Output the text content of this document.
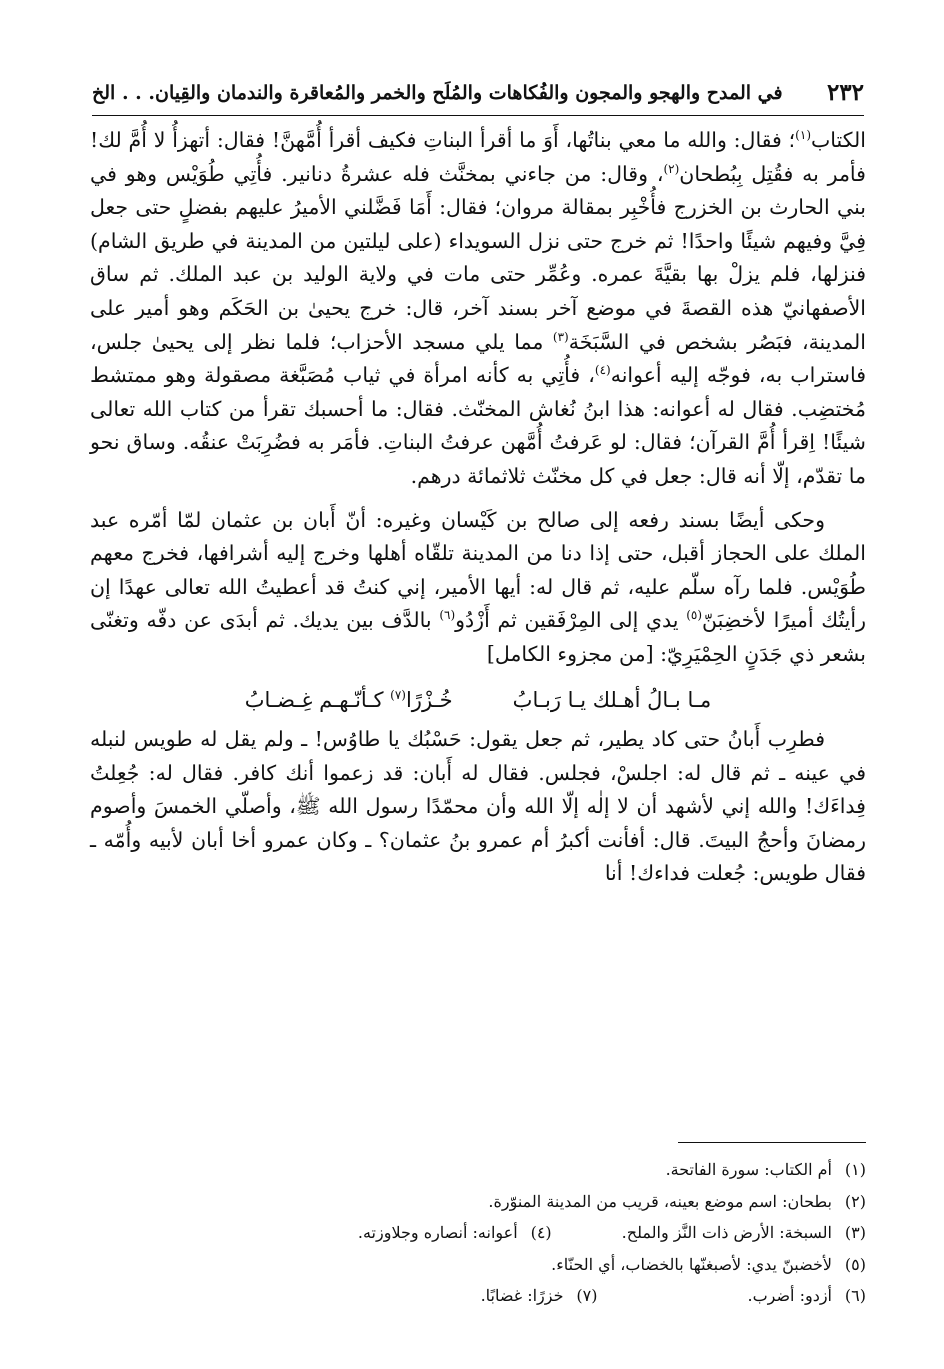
٢٣٢
في المدح والهجو والمجون والفُكاهات والمُلَح والخمر والمُعاقرة والندمان والقِيان. . . الخ

الكتاب$^{(١)}$؛ فقال: والله ما معي بناتُها، أَوَ ما أقرأ البناتِ فكيف أقرأ أُمَّهنَّ! فقال: أتهزأُ لا أُمَّ لك! فأمر به فقُتِل بِبُطحان$^{(٢)}$، وقال: من جاءني بمخنَّث فله عشرةُ دنانير. فأُتِي طُوَيْس وهو في بني الحارث بن الخزرج فأُخْبِر بمقالة مروان؛ فقال: أَمَا فَضَّلني الأميرُ عليهم بفضلٍ حتى جعل فِيَّ وفيهم شيئًا واحدًا! ثم خرج حتى نزل السويداء (على ليلتين من المدينة في طريق الشام) فنزلها، فلم يزلْ بها بقيَّةَ عمره. وعُمِّر حتى مات في ولاية الوليد بن عبد الملك. ثم ساق الأصفهانيّ هذه القصةَ في موضع آخر بسند آخر، قال: خرج يحيىٰ بن الحَكَم وهو أمير على المدينة، فبَصُر بشخص في السَّبَخَة$^{(٣)}$ مما يلي مسجد الأحزاب؛ فلما نظر إلى يحيىٰ جلس، فاستراب به، فوجّه إليه أعوانه$^{(٤)}$، فأُتِي به كأنه امرأة في ثياب مُصَبَّغة مصقولة وهو ممتشط مُختضِب. فقال له أعوانه: هذا ابنُ نُغاش المخنّث. فقال: ما أحسبك تقرأ من كتاب الله تعالى شيئًا! اِقرأ أُمَّ القرآن؛ فقال: لو عَرفتُ أُمَّهن عرفتُ البناتِ. فأمَر به فضُرِبَتْ عنقُه. وساق نحو ما تقدّم، إلّا أنه قال: جعل في كل مخنّث ثلاثمائة درهم.

وحكى أيضًا بسند رفعه إلى صالح بن كَيْسان وغيره: أنّ أَبان بن عثمان لمّا أمّره عبد الملك على الحجاز أقبل، حتى إذا دنا من المدينة تلقّاه أهلها وخرج إليه أشرافها، فخرج معهم طُوَيْس. فلما رآه سلّم عليه، ثم قال له: أيها الأمير، إني كنتُ قد أعطيتُ الله تعالى عهدًا إن رأيتُك أميرًا لأخضِبَنّ$^{(٥)}$ يدي إلى المِرْفَقين ثم أَزْدُو$^{(٦)}$ بالدَّف بين يديك. ثم أبدَى عن دفّه وتغنّى بشعر ذي جَدَنٍ الحِمْيَرِيّ: [من مجزوء الكامل]

مـا بـالُ أهـلك يـا رَبـابُ
خُـزْرًا$^{(٧)}$ كـأنّـهـم غِـضـابُ

فطرِب أَبانُ حتى كاد يطير، ثم جعل يقول: حَسْبُك يا طاوُس! ـ ولم يقل له طويس لنبله في عينه ـ ثم قال له: اجلسْ، فجلس. فقال له أَبان: قد زعموا أنك كافر. فقال له: جُعِلتُ فِداءَك! والله إني لأشهد أن لا إلٰه إلّا الله وأن محمّدًا رسول الله ﷺ، وأصلّي الخمسَ وأصوم رمضانَ وأحجُ البيتَ. قال: أفأنت أكبرُ أم عمرو بنُ عثمان؟ ـ وكان عمرو أخا أبان لأبيه وأُمّه ـ فقال طويس: جُعلت فداءك! أنا

(١)أم الكتاب: سورة الفاتحة.
(٢)بطحان: اسم موضع بعينه، قريب من المدينة المنوّرة.
(٣)السبخة: الأرض ذات النَّز والملح.
(٤)أعوانه: أنصاره وجلاوزته.
(٥)لأخضبنّ يدي: لأصبغنّها بالخضاب، أي الحنّاء.
(٦)أزدو: أضرب.
(٧)خزرًا: غضابًا.
